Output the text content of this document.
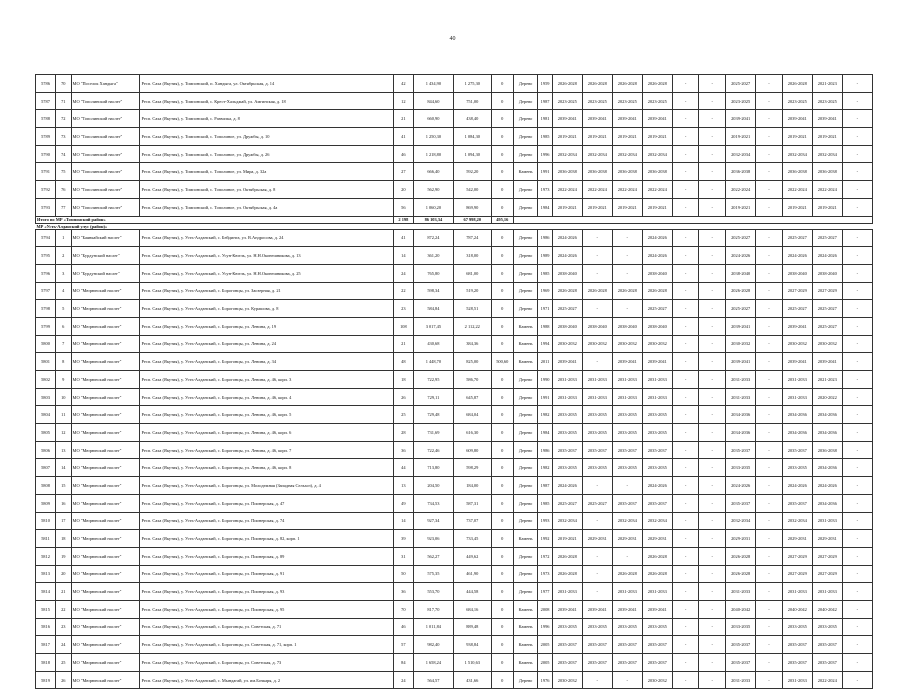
40
5786	70	МО "Поселок Хандыга"	Респ. Саха (Якутия), у. Томпонский, п. Хандыга, ул. Октябрьская, д. 14	42	1 434,90	1 275,30	0	Дерево	1959	2026-2028	2026-2028	2026-2028	2026-2028	-	-	2025-2027	-	2026-2028	2021-2023	-
5787	71	МО "Тополинский наслег"	Респ. Саха (Якутия), у. Томпонский, с. Крест-Хальджай, ул. Амгинская, д. 18	12	844,60	751,00	0	Дерево	1987	2023-2025	2023-2025	2023-2025	2023-2025	-	-	2023-2025	-	2023-2025	2023-2025	-
5788	72	МО "Тополинский наслег"	Респ. Саха (Якутия), у. Томпонский, с. Развилка, д. 8	21	660,90	438,40	0	Дерево	1981	2039-2041	2039-2041	2039-2041	2039-2041	-	-	2039-2041	-	2039-2041	2039-2041	-
5789	73	МО "Тополинский наслег"	Респ. Саха (Якутия), у. Томпонский, с. Тополиное, ул. Дружбы, д. 10	41	1 250,30	1 084,30	0	Дерево	1985	2019-2021	2019-2021	2019-2021	2019-2021	-	-	2019-2021	-	2019-2021	2019-2021	-
5790	74	МО "Тополинский наслег"	Респ. Саха (Якутия), у. Томпонский, с. Тополиное, ул. Дружбы, д. 26	46	1 218,80	1 094,30	0	Дерево	1996	2032-2034	2032-2034	2032-2034	2032-2034	-	-	2032-2034	-	2032-2034	2032-2034	-
5791	75	МО "Тополинский наслег"	Респ. Саха (Якутия), у. Томпонский, с. Тополиное, ул. Мира, д. 32а	27	666,40	592,20	0	Камень	1991	2036-2038	2036-2038	2036-2038	2036-2038	-	-	2036-2038	-	2036-2038	2036-2038	-
5792	76	МО "Тополинский наслег"	Респ. Саха (Якутия), у. Томпонский, с. Тополиное, ул. Октябрьская, д. 8	20	562,90	542,00	0	Дерево	1973	2022-2024	2022-2024	2022-2024	2022-2024	-	-	2022-2024	-	2022-2024	2022-2024	-
5793	77	МО "Тополинский наслег"	Респ. Саха (Якутия), у. Томпонский, с. Тополиное, ул. Октябрьская, д. 4а	56	1 060,20	869,90	0	Дерево	1984	2019-2021	2019-2021	2019-2021	2019-2021	-	-	2019-2021	-	2019-2021	2019-2021	-
Итого по МР «Томпонский район»				2 198	86 103,34	67 998,20	495,16													
МР «Усть-Алданский улус (район)»																				
5794	1	МО "Баянкайский наслег"	Респ. Саха (Якутия), у. Усть-Алданский, с. Бейдинга, ул. В.Андросова, д. 24	41	872,24	787,24	0	Дерево	1986	2024-2026	-	-	2024-2026	-	-	2025-2027	-	2025-2027	2025-2027	-
5795	2	МО "Бурдунский наслег"	Респ. Саха (Якутия), у. Усть-Алданский, с. Усун-Кюель, ул. Н.Н.Оконешникова, д. 13	14	361,20	318,00	0	Дерево	1989	2024-2026	-	-	2024-2026	-	-	2024-2026	-	2024-2026	2024-2026	-
5796	3	МО "Бурдунский наслег"	Респ. Саха (Якутия), у. Усть-Алданский, с. Усун-Кюель, ул. Н.Н.Оконешникова, д. 25	24	765,80	681,00	0	Дерево	1985	2038-2040	-	-	2038-2040	-	-	2038-2040	-	2038-2040	2038-2040	-
5797	4	МО "Мюрюнский наслег"	Респ. Саха (Якутия), у. Усть-Алданский, с. Борогонцы, ул. Заозерная, д. 21	22	598,34	519,20	0	Дерево	1969	2026-2028	2026-2028	2026-2028	2026-2028	-	-	2026-2028	-	2027-2029	2027-2029	-
5798	5	МО "Мюрюнский наслег"	Респ. Саха (Якутия), у. Усть-Алданский, с. Борогонцы, ул. Курашова, д. 8	23	584,84	528,51	0	Дерево	1971	2025-2027	-	-	2025-2027	-	-	2025-2027	-	2025-2027	2025-2027	-
5799	6	МО "Мюрюнский наслег"	Респ. Саха (Якутия), у. Усть-Алданский, с. Борогонцы, ул. Ленина, д. 19	108	3 017,45	2 112,22	0	Камень	1988	2038-2040	2038-2040	2038-2040	2038-2040	-	-	2039-2041	-	2039-2041	2025-2027	-
5800	7	МО "Мюрюнский наслег"	Респ. Саха (Якутия), у. Усть-Алданский, с. Борогонцы, ул. Ленина, д. 24	21	430,68	384,36	0	Камень	1994	2030-2032	2030-2032	2030-2032	2030-2032	-	-	2030-2032	-	2030-2032	2030-2032	-
5801	8	МО "Мюрюнский наслег"	Респ. Саха (Якутия), у. Усть-Алданский, с. Борогонцы, ул. Ленина, д. 34	48	1 448,70	825,00	500,60	Камень	2011	2039-2041	-	2039-2041	2039-2041	-	-	2039-2041	-	2039-2041	2039-2041	-
5802	9	МО "Мюрюнский наслег"	Респ. Саха (Якутия), у. Усть-Алданский, с. Борогонцы, ул. Ленина, д. 46, корп. 3	18	722,95	586,70	0	Дерево	1990	2031-2033	2031-2033	2031-2033	2031-2033	-	-	2031-2033	-	2031-2033	2021-2023	-
5803	10	МО "Мюрюнский наслег"	Респ. Саха (Якутия), у. Усть-Алданский, с. Борогонцы, ул. Ленина, д. 46, корп. 4	26	729,11	645,87	0	Дерево	1991	2031-2033	2031-2033	2031-2033	2031-2033	-	-	2031-2033	-	2031-2033	2020-2022	-
5804	11	МО "Мюрюнский наслег"	Респ. Саха (Якутия), у. Усть-Алданский, с. Борогонцы, ул. Ленина, д. 46, корп. 5	25	729,48	684,04	0	Дерево	1982	2033-2035	2033-2035	2033-2035	2033-2035	-	-	2034-2036	-	2034-2036	2034-2036	-
5805	12	МО "Мюрюнский наслег"	Респ. Саха (Якутия), у. Усть-Алданский, с. Борогонцы, ул. Ленина, д. 46, корп. 6	28	731,69	616,30	0	Дерево	1984	2033-2035	2033-2035	2033-2035	2033-2035	-	-	2034-2036	-	2034-2036	2034-2036	-
5806	13	МО "Мюрюнский наслег"	Респ. Саха (Якутия), у. Усть-Алданский, с. Борогонцы, ул. Ленина, д. 46, корп. 7	36	722,46	609,80	0	Дерево	1986	2035-2037	2035-2037	2035-2037	2035-2037	-	-	2035-2037	-	2035-2037	2036-2038	-
5807	14	МО "Мюрюнский наслег"	Респ. Саха (Якутия), у. Усть-Алданский, с. Борогонцы, ул. Ленина, д. 46, корп. 8	44	713,80	598,29	0	Дерево	1982	2033-2035	2033-2035	2033-2035	2033-2035	-	-	2033-2035	-	2033-2035	2034-2036	-
5808	15	МО "Мюрюнский наслег"	Респ. Саха (Якутия), у. Усть-Алданский, с. Борогонцы, ул. Молодежная (Западная Сельхоз), д. 4	13	204,50	184,00	0	Дерево	1987	2024-2026	-	-	2024-2026	-	-	2024-2026	-	2024-2026	2024-2026	-
5809	16	МО "Мюрюнский наслег"	Респ. Саха (Якутия), у. Усть-Алданский, с. Борогонцы, ул. Пионерская, д. 47	49	734,53	587,31	0	Дерево	1985	2025-2027	2025-2027	2035-2037	2035-2037	-	-	2035-2037	-	2035-2037	2034-2036	-
5810	17	МО "Мюрюнский наслег"	Респ. Саха (Якутия), у. Усть-Алданский, с. Борогонцы, ул. Пионерская, д. 74	14	927,34	737,07	0	Дерево	1993	2032-2034	-	2032-2034	2032-2034	-	-	2032-2034	-	2032-2034	2031-2033	-
5811	18	МО "Мюрюнский наслег"	Респ. Саха (Якутия), у. Усть-Алданский, с. Борогонцы, ул. Пионерская, д. 82, корп. 1	39	923,06	733,45	0	Камень	1992	2019-2021	2029-2031	2029-2031	2029-2031	-	-	2029-2031	-	2029-2031	2029-2031	-
5812	19	МО "Мюрюнский наслег"	Респ. Саха (Якутия), у. Усть-Алданский, с. Борогонцы, ул. Пионерская, д. 89	31	562,27	449,62	0	Дерево	1972	2026-2028	-	-	2026-2028	-	-	2026-2028	-	2027-2029	2027-2029	-
5813	20	МО "Мюрюнский наслег"	Респ. Саха (Якутия), у. Усть-Алданский, с. Борогонцы, ул. Пионерская, д. 91	50	575,35	461,90	0	Дерево	1973	2026-2028	-	2026-2028	2026-2028	-	-	2026-2028	-	2027-2029	2027-2029	-
5814	21	МО "Мюрюнский наслег"	Респ. Саха (Якутия), у. Усть-Алданский, с. Борогонцы, ул. Пионерская, д. 93	36	553,70	444,58	0	Дерево	1977	2031-2033	-	2031-2033	2031-2033	-	-	2031-2033	-	2031-2033	2031-2033	-
5815	22	МО "Мюрюнский наслег"	Респ. Саха (Якутия), у. Усть-Алданский, с. Борогонцы, ул. Пионерская, д. 95	70	817,70	684,16	0	Камень	2008	2039-2041	2039-2041	2039-2041	2039-2041	-	-	2040-2042	-	2040-2042	2040-2042	-
5816	23	МО "Мюрюнский наслег"	Респ. Саха (Якутия), у. Усть-Алданский, с. Борогонцы, ул. Советская, д. 71	46	1 011,84	889,48	0	Камень	1996	2033-2035	2033-2035	2033-2035	2033-2035	-	-	2033-2035	-	2033-2035	2033-2035	-
5817	24	МО "Мюрюнский наслег"	Респ. Саха (Якутия), у. Усть-Алданский, с. Борогонцы, ул. Советская, д. 71, корп. 1	57	982,40	938,84	0	Камень	2005	2035-2037	2035-2037	2035-2037	2035-2037	-	-	2035-2037	-	2035-2037	2035-2037	-
5818	25	МО "Мюрюнский наслег"	Респ. Саха (Якутия), у. Усть-Алданский, с. Борогонцы, ул. Советская, д. 73	84	1 658,24	1 510,63	0	Камень	2005	2035-2037	2035-2037	2035-2037	2035-2037	-	-	2035-2037	-	2035-2037	2035-2037	-
5819	26	МО "Мюрюнский наслег"	Респ. Саха (Якутия), у. Усть-Алданский, с. Мындагай, ул. им.Бочкаря, д. 2	24	564,57	431,66	0	Дерево	1976	2030-2032	-	-	2030-2032	-	-	2031-2033	-	2031-2033	2022-2024	-
